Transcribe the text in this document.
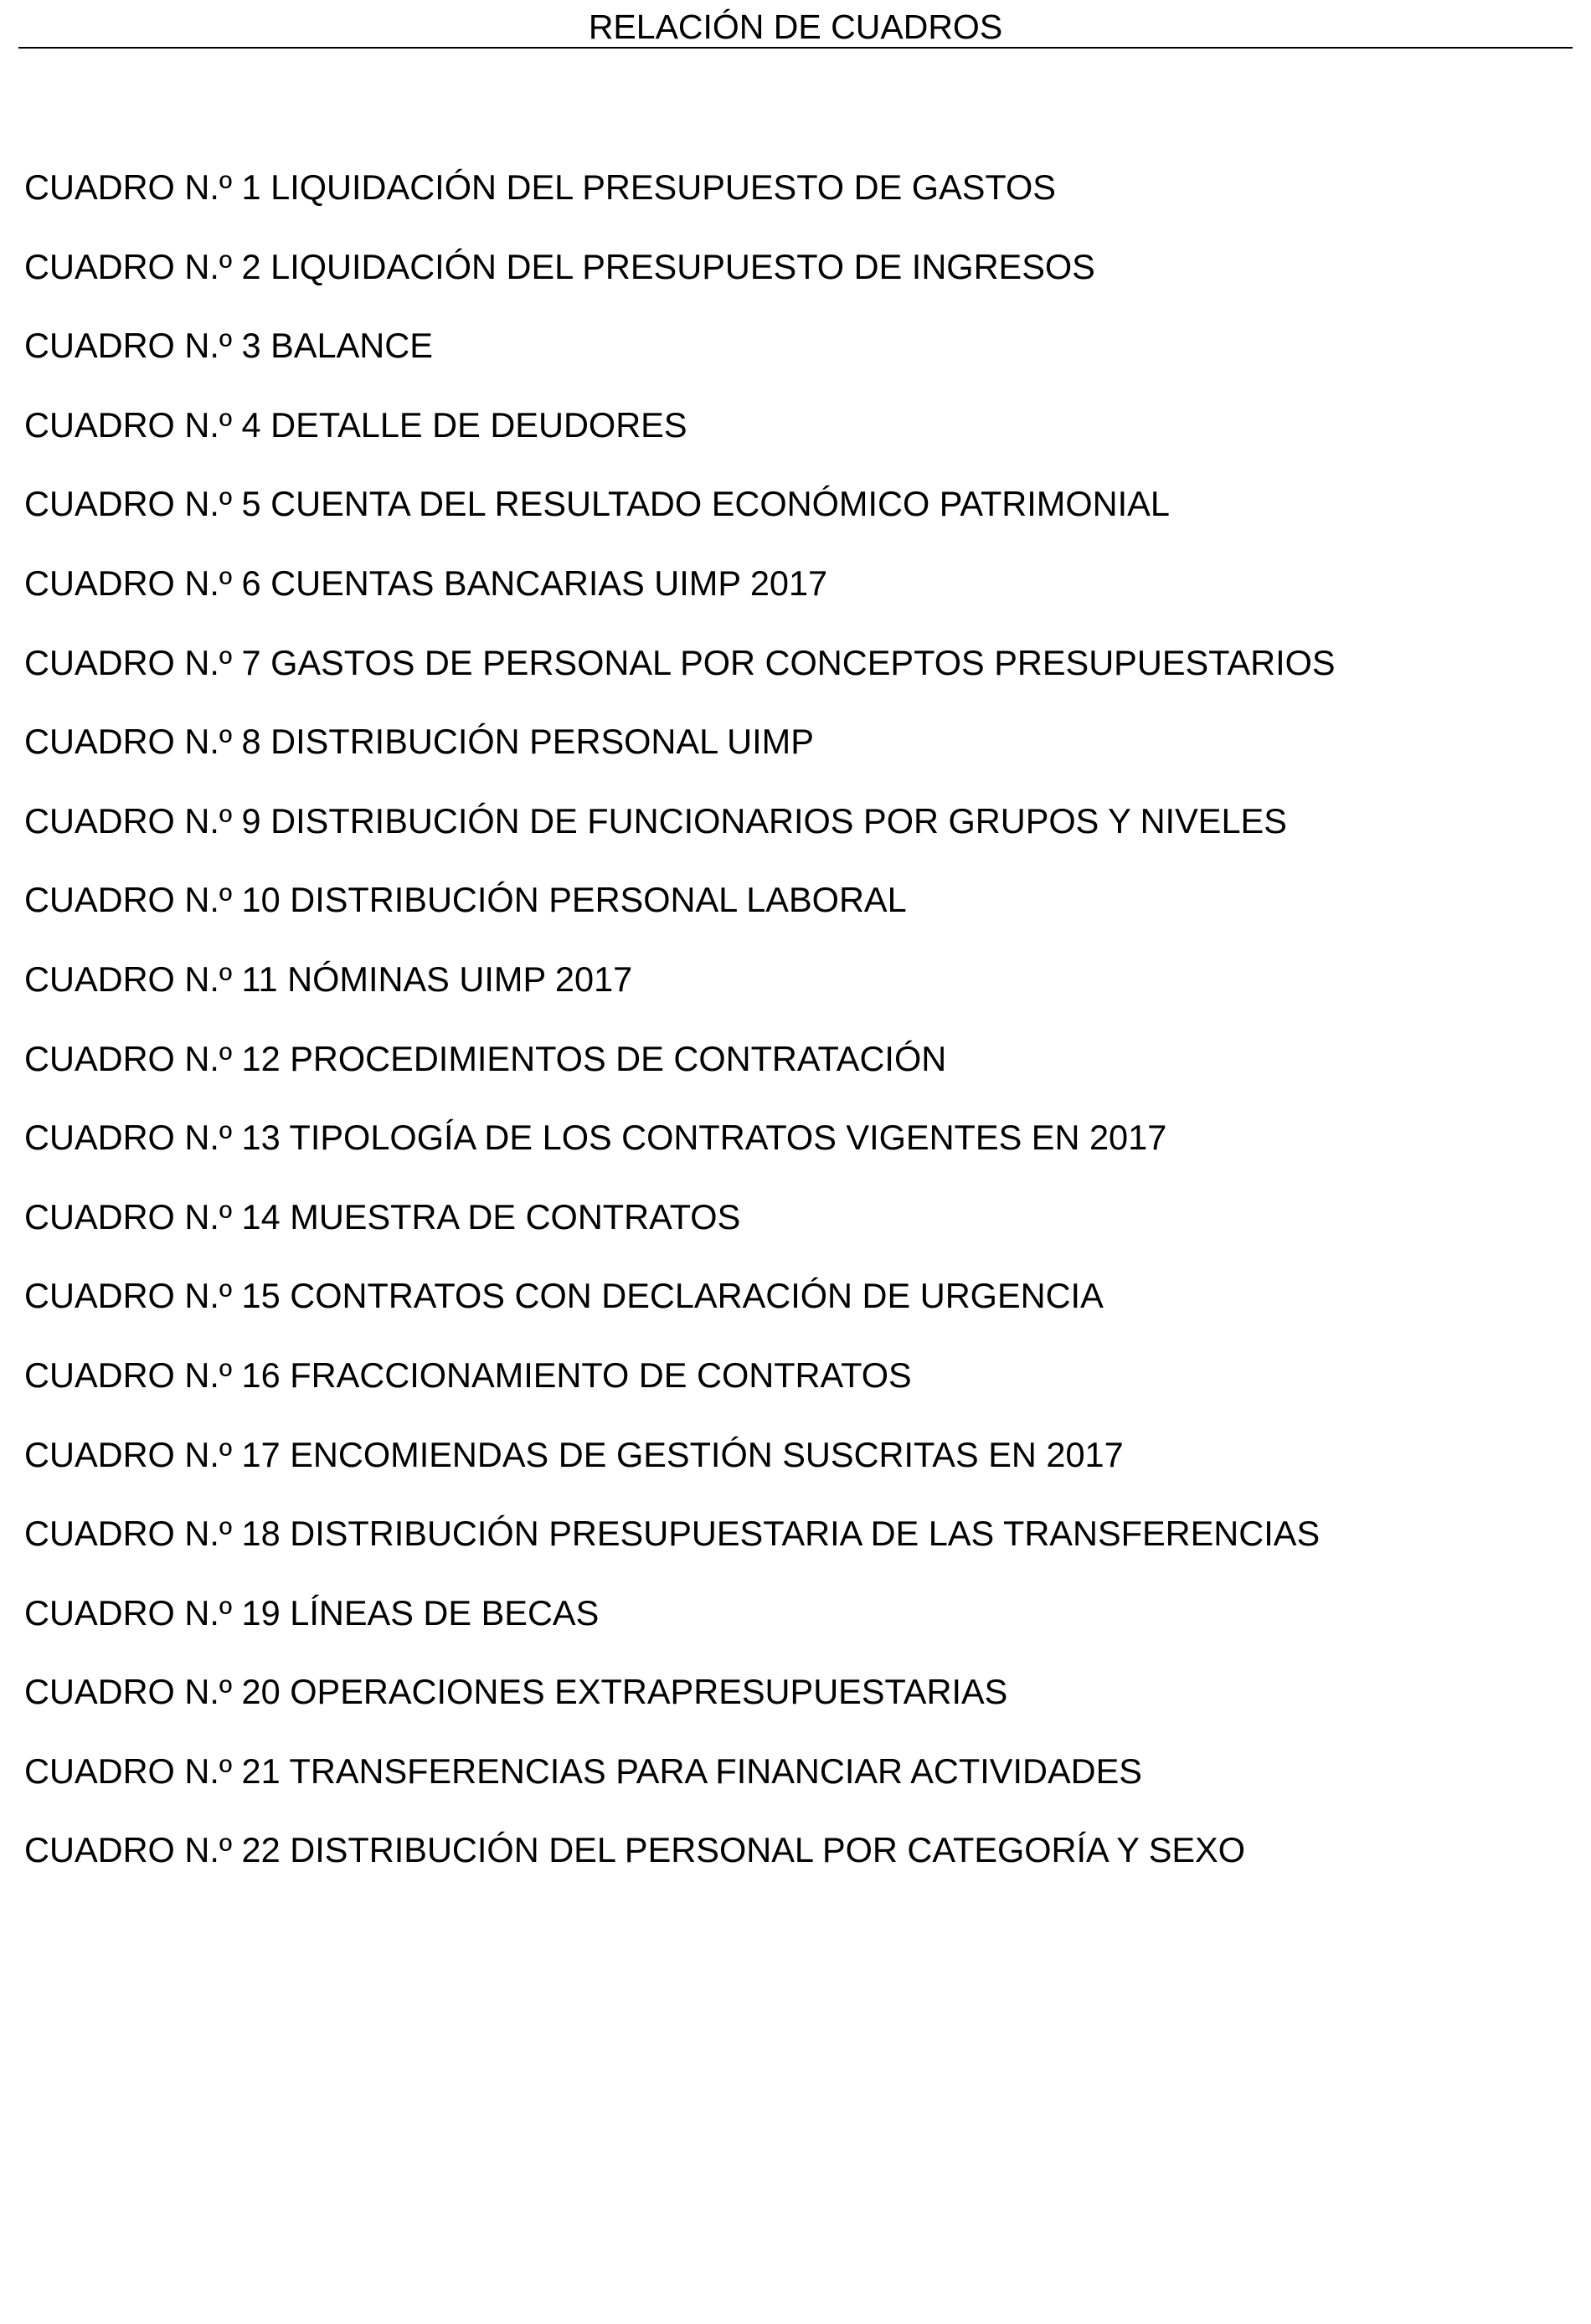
RELACIÓN DE CUADROS
CUADRO N.º 1 LIQUIDACIÓN DEL PRESUPUESTO DE GASTOS
CUADRO N.º 2 LIQUIDACIÓN DEL PRESUPUESTO DE INGRESOS
CUADRO N.º 3 BALANCE
CUADRO N.º 4 DETALLE DE DEUDORES
CUADRO N.º 5 CUENTA DEL RESULTADO ECONÓMICO PATRIMONIAL
CUADRO N.º 6 CUENTAS BANCARIAS UIMP 2017
CUADRO N.º 7 GASTOS DE PERSONAL POR CONCEPTOS PRESUPUESTARIOS
CUADRO N.º 8 DISTRIBUCIÓN PERSONAL UIMP
CUADRO N.º 9 DISTRIBUCIÓN DE FUNCIONARIOS POR GRUPOS Y NIVELES
CUADRO N.º 10 DISTRIBUCIÓN PERSONAL LABORAL
CUADRO N.º 11 NÓMINAS UIMP 2017
CUADRO N.º 12 PROCEDIMIENTOS DE CONTRATACIÓN
CUADRO N.º 13 TIPOLOGÍA DE LOS CONTRATOS VIGENTES EN 2017
CUADRO N.º 14 MUESTRA DE CONTRATOS
CUADRO N.º 15 CONTRATOS CON DECLARACIÓN DE URGENCIA
CUADRO N.º 16 FRACCIONAMIENTO DE CONTRATOS
CUADRO N.º 17 ENCOMIENDAS DE GESTIÓN SUSCRITAS EN 2017
CUADRO N.º 18 DISTRIBUCIÓN PRESUPUESTARIA DE LAS TRANSFERENCIAS
CUADRO N.º 19 LÍNEAS DE BECAS
CUADRO N.º 20 OPERACIONES EXTRAPRESUPUESTARIAS
CUADRO N.º 21 TRANSFERENCIAS PARA FINANCIAR ACTIVIDADES
CUADRO N.º 22 DISTRIBUCIÓN DEL PERSONAL POR CATEGORÍA Y SEXO
